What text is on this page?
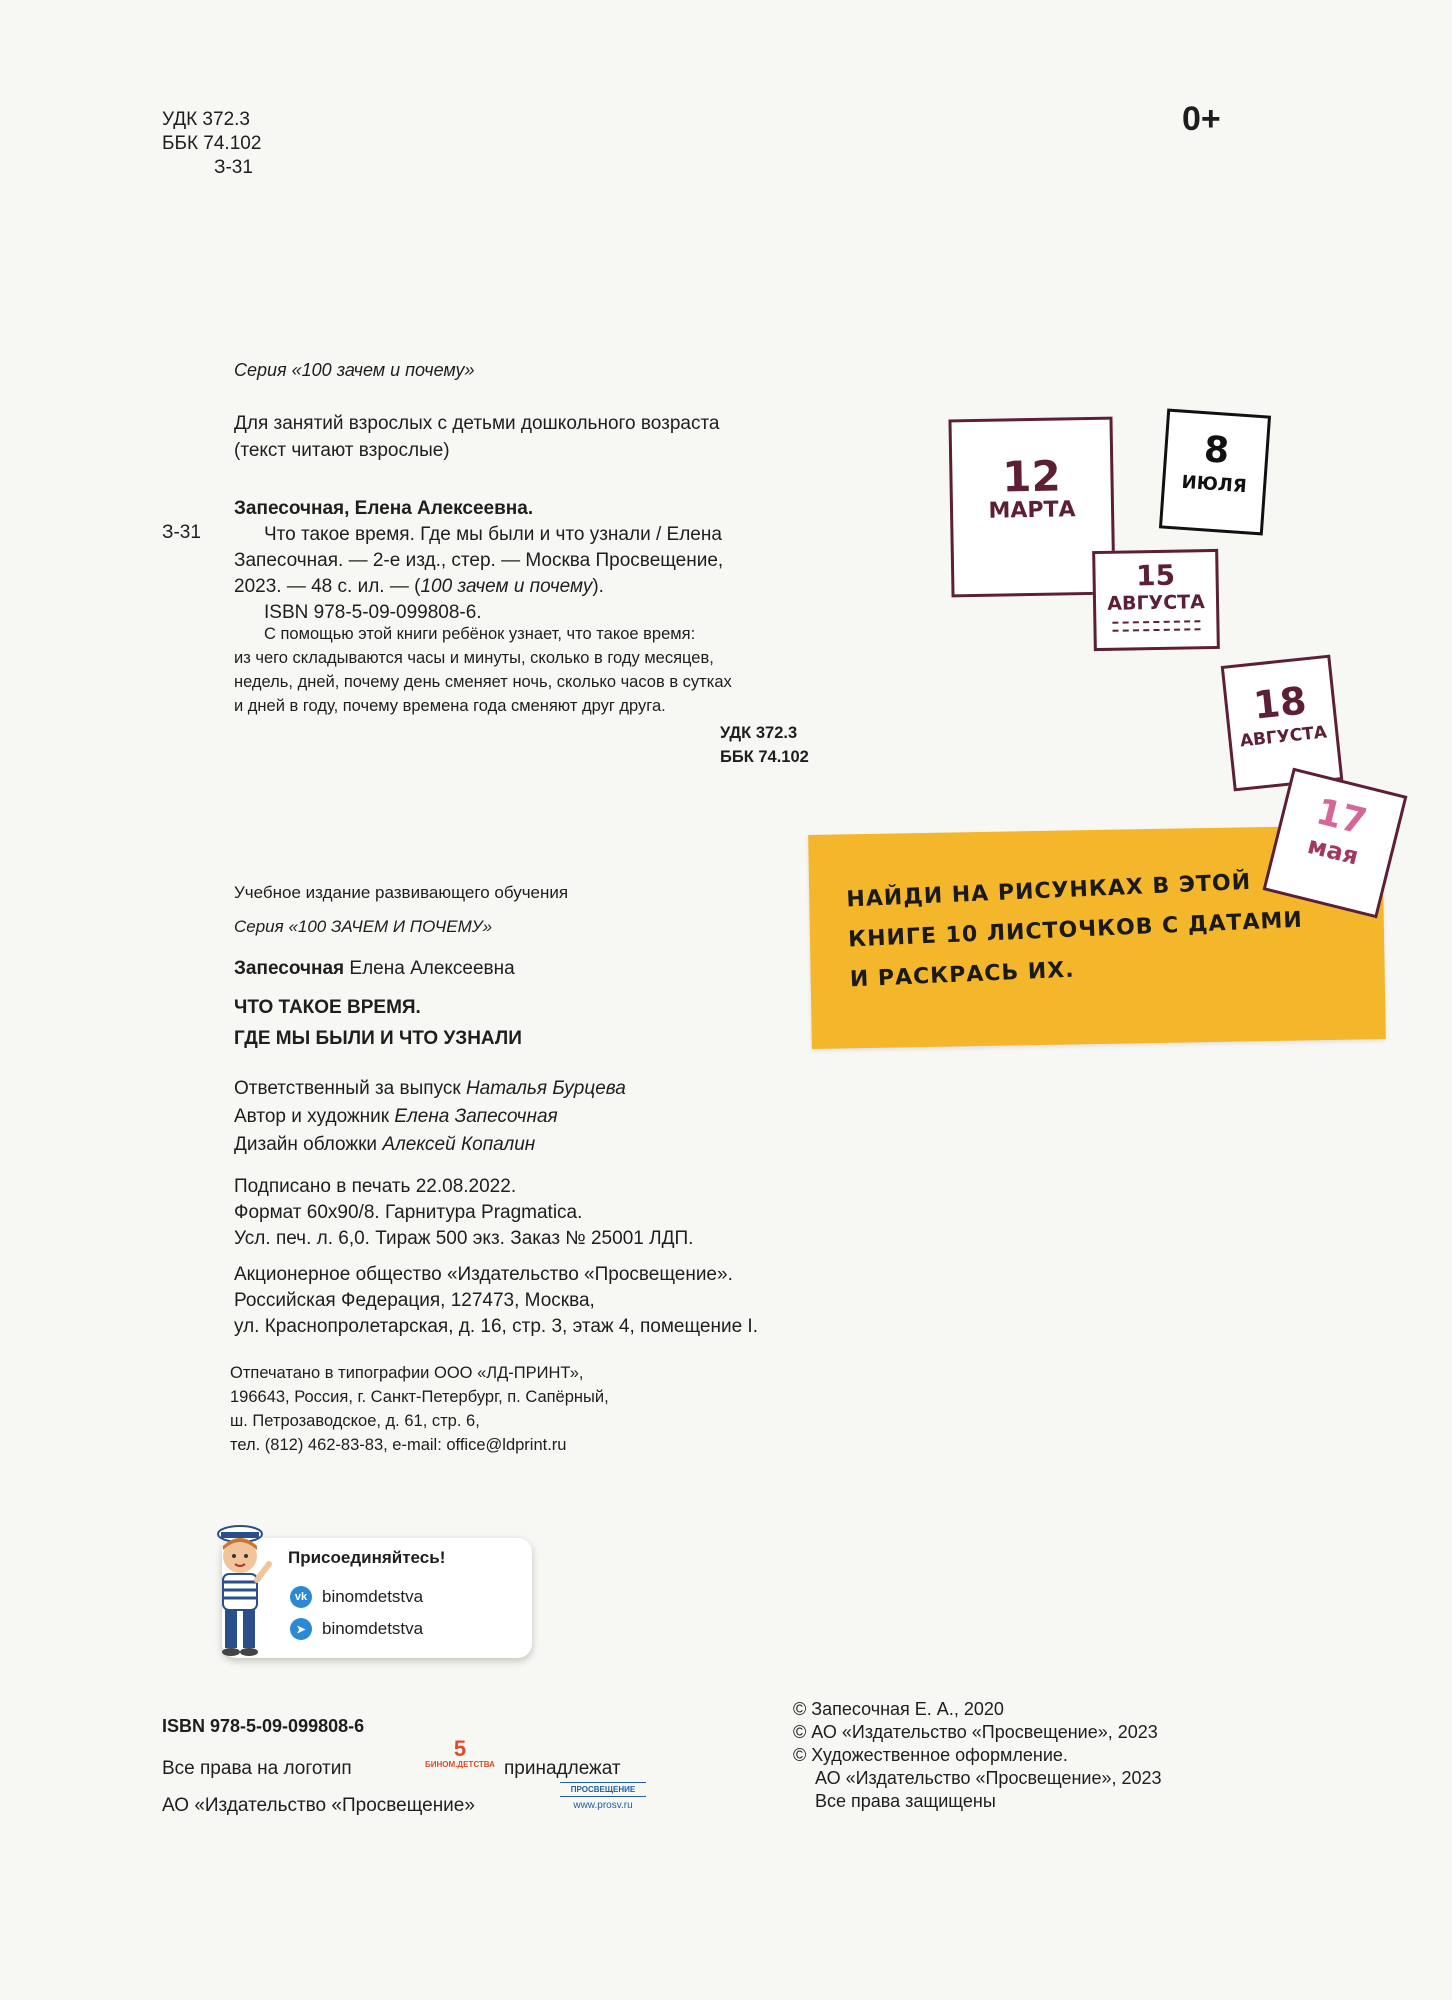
УДК 372.3
ББК 74.102
З-31
0+
Серия «100 зачем и почему»
Для занятий взрослых с детьми дошкольного возраста
(текст читают взрослые)
З-31
Запесочная, Елена Алексеевна.
Что такое время. Где мы были и что узнали / Елена
Запесочная. — 2-е изд., стер. — Москва Просвещение,
2023. — 48 с. ил. — (100 зачем и почему).
ISBN 978-5-09-099808-6.
С помощью этой книги ребёнок узнает, что такое время:
из чего складываются часы и минуты, сколько в году месяцев,
недель, дней, почему день сменяет ночь, сколько часов в сутках
и дней в году, почему времена года сменяют друг друга.
УДК 372.3
ББК 74.102
Учебное издание развивающего обучения
Серия «100 ЗАЧЕМ И ПОЧЕМУ»
Запесочная Елена Алексеевна
ЧТО ТАКОЕ ВРЕМЯ.
ГДЕ МЫ БЫЛИ И ЧТО УЗНАЛИ
Ответственный за выпуск Наталья Бурцева
Автор и художник Елена Запесочная
Дизайн обложки Алексей Копалин
Подписано в печать 22.08.2022.
Формат 60x90/8. Гарнитура Pragmatica.
Усл. печ. л. 6,0. Тираж 500 экз. Заказ № 25001 ЛДП.
Акционерное общество «Издательство «Просвещение».
Российская Федерация, 127473, Москва,
ул. Краснопролетарская, д. 16, стр. 3, этаж 4, помещение I.
Отпечатано в типографии ООО «ЛД-ПРИНТ»,
196643, Россия, г. Санкт-Петербург, п. Сапёрный,
ш. Петрозаводское, д. 61, стр. 6,
тел. (812) 462-83-83, e-mail: office@ldprint.ru
Присоединяйтесь!
vk binomdetstva
➤ binomdetstva
ISBN 978-5-09-099808-6
Все права на логотип
5
БИНОМ.ДЕТСТВА принадлежат
АО «Издательство «Просвещение»
ПРОСВЕЩЕНИЕ
www.prosv.ru
© Запесочная Е. А., 2020
© АО «Издательство «Просвещение», 2023
© Художественное оформление.
АО «Издательство «Просвещение», 2023
Все права защищены
12
МАРТА
8
ИЮЛЯ
15
АВГУСТА
18
АВГУСТА
НАЙДИ НА РИСУНКАХ В ЭТОЙ
КНИГЕ 10 ЛИСТОЧКОВ С ДАТАМИ
И РАСКРАСЬ ИХ.
17
мая
